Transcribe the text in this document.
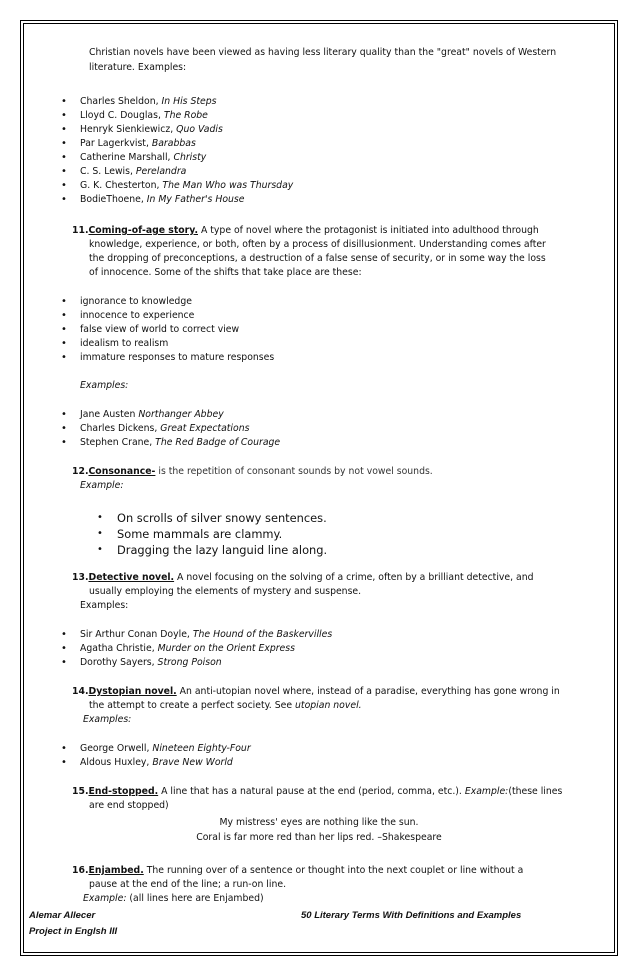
Christian novels have been viewed as having less literary quality than the "great" novels of Western
literature. Examples:
• Charles Sheldon, In His Steps
• Lloyd C. Douglas, The Robe
• Henryk Sienkiewicz, Quo Vadis
• Par Lagerkvist, Barabbas
• Catherine Marshall, Christy
• C. S. Lewis, Perelandra
• G. K. Chesterton, The Man Who was Thursday
• BodieThoene, In My Father's House
11.Coming-of-age story. A type of novel where the protagonist is initiated into adulthood through
knowledge, experience, or both, often by a process of disillusionment. Understanding comes after
the dropping of preconceptions, a destruction of a false sense of security, or in some way the loss
of innocence. Some of the shifts that take place are these:
• ignorance to knowledge
• innocence to experience
• false view of world to correct view
• idealism to realism
• immature responses to mature responses
Examples:
• Jane Austen Northanger Abbey
• Charles Dickens, Great Expectations
• Stephen Crane, The Red Badge of Courage
12.Consonance- is the repetition of consonant sounds by not vowel sounds.
Example:
• On scrolls of silver snowy sentences.
• Some mammals are clammy.
• Dragging the lazy languid line along.
13.Detective novel. A novel focusing on the solving of a crime, often by a brilliant detective, and
usually employing the elements of mystery and suspense.
Examples:
• Sir Arthur Conan Doyle, The Hound of the Baskervilles
• Agatha Christie, Murder on the Orient Express
• Dorothy Sayers, Strong Poison
14.Dystopian novel. An anti-utopian novel where, instead of a paradise, everything has gone wrong in
the attempt to create a perfect society. See utopian novel.
Examples:
• George Orwell, Nineteen Eighty-Four
• Aldous Huxley, Brave New World
15.End-stopped. A line that has a natural pause at the end (period, comma, etc.). Example:(these lines
are end stopped)
My mistress' eyes are nothing like the sun.
Coral is far more red than her lips red. –Shakespeare
16.Enjambed. The running over of a sentence or thought into the next couplet or line without a
pause at the end of the line; a run-on line.
Example: (all lines here are Enjambed)
Alemar Allecer
Project in Englsh III
50 Literary Terms With Definitions and Examples
